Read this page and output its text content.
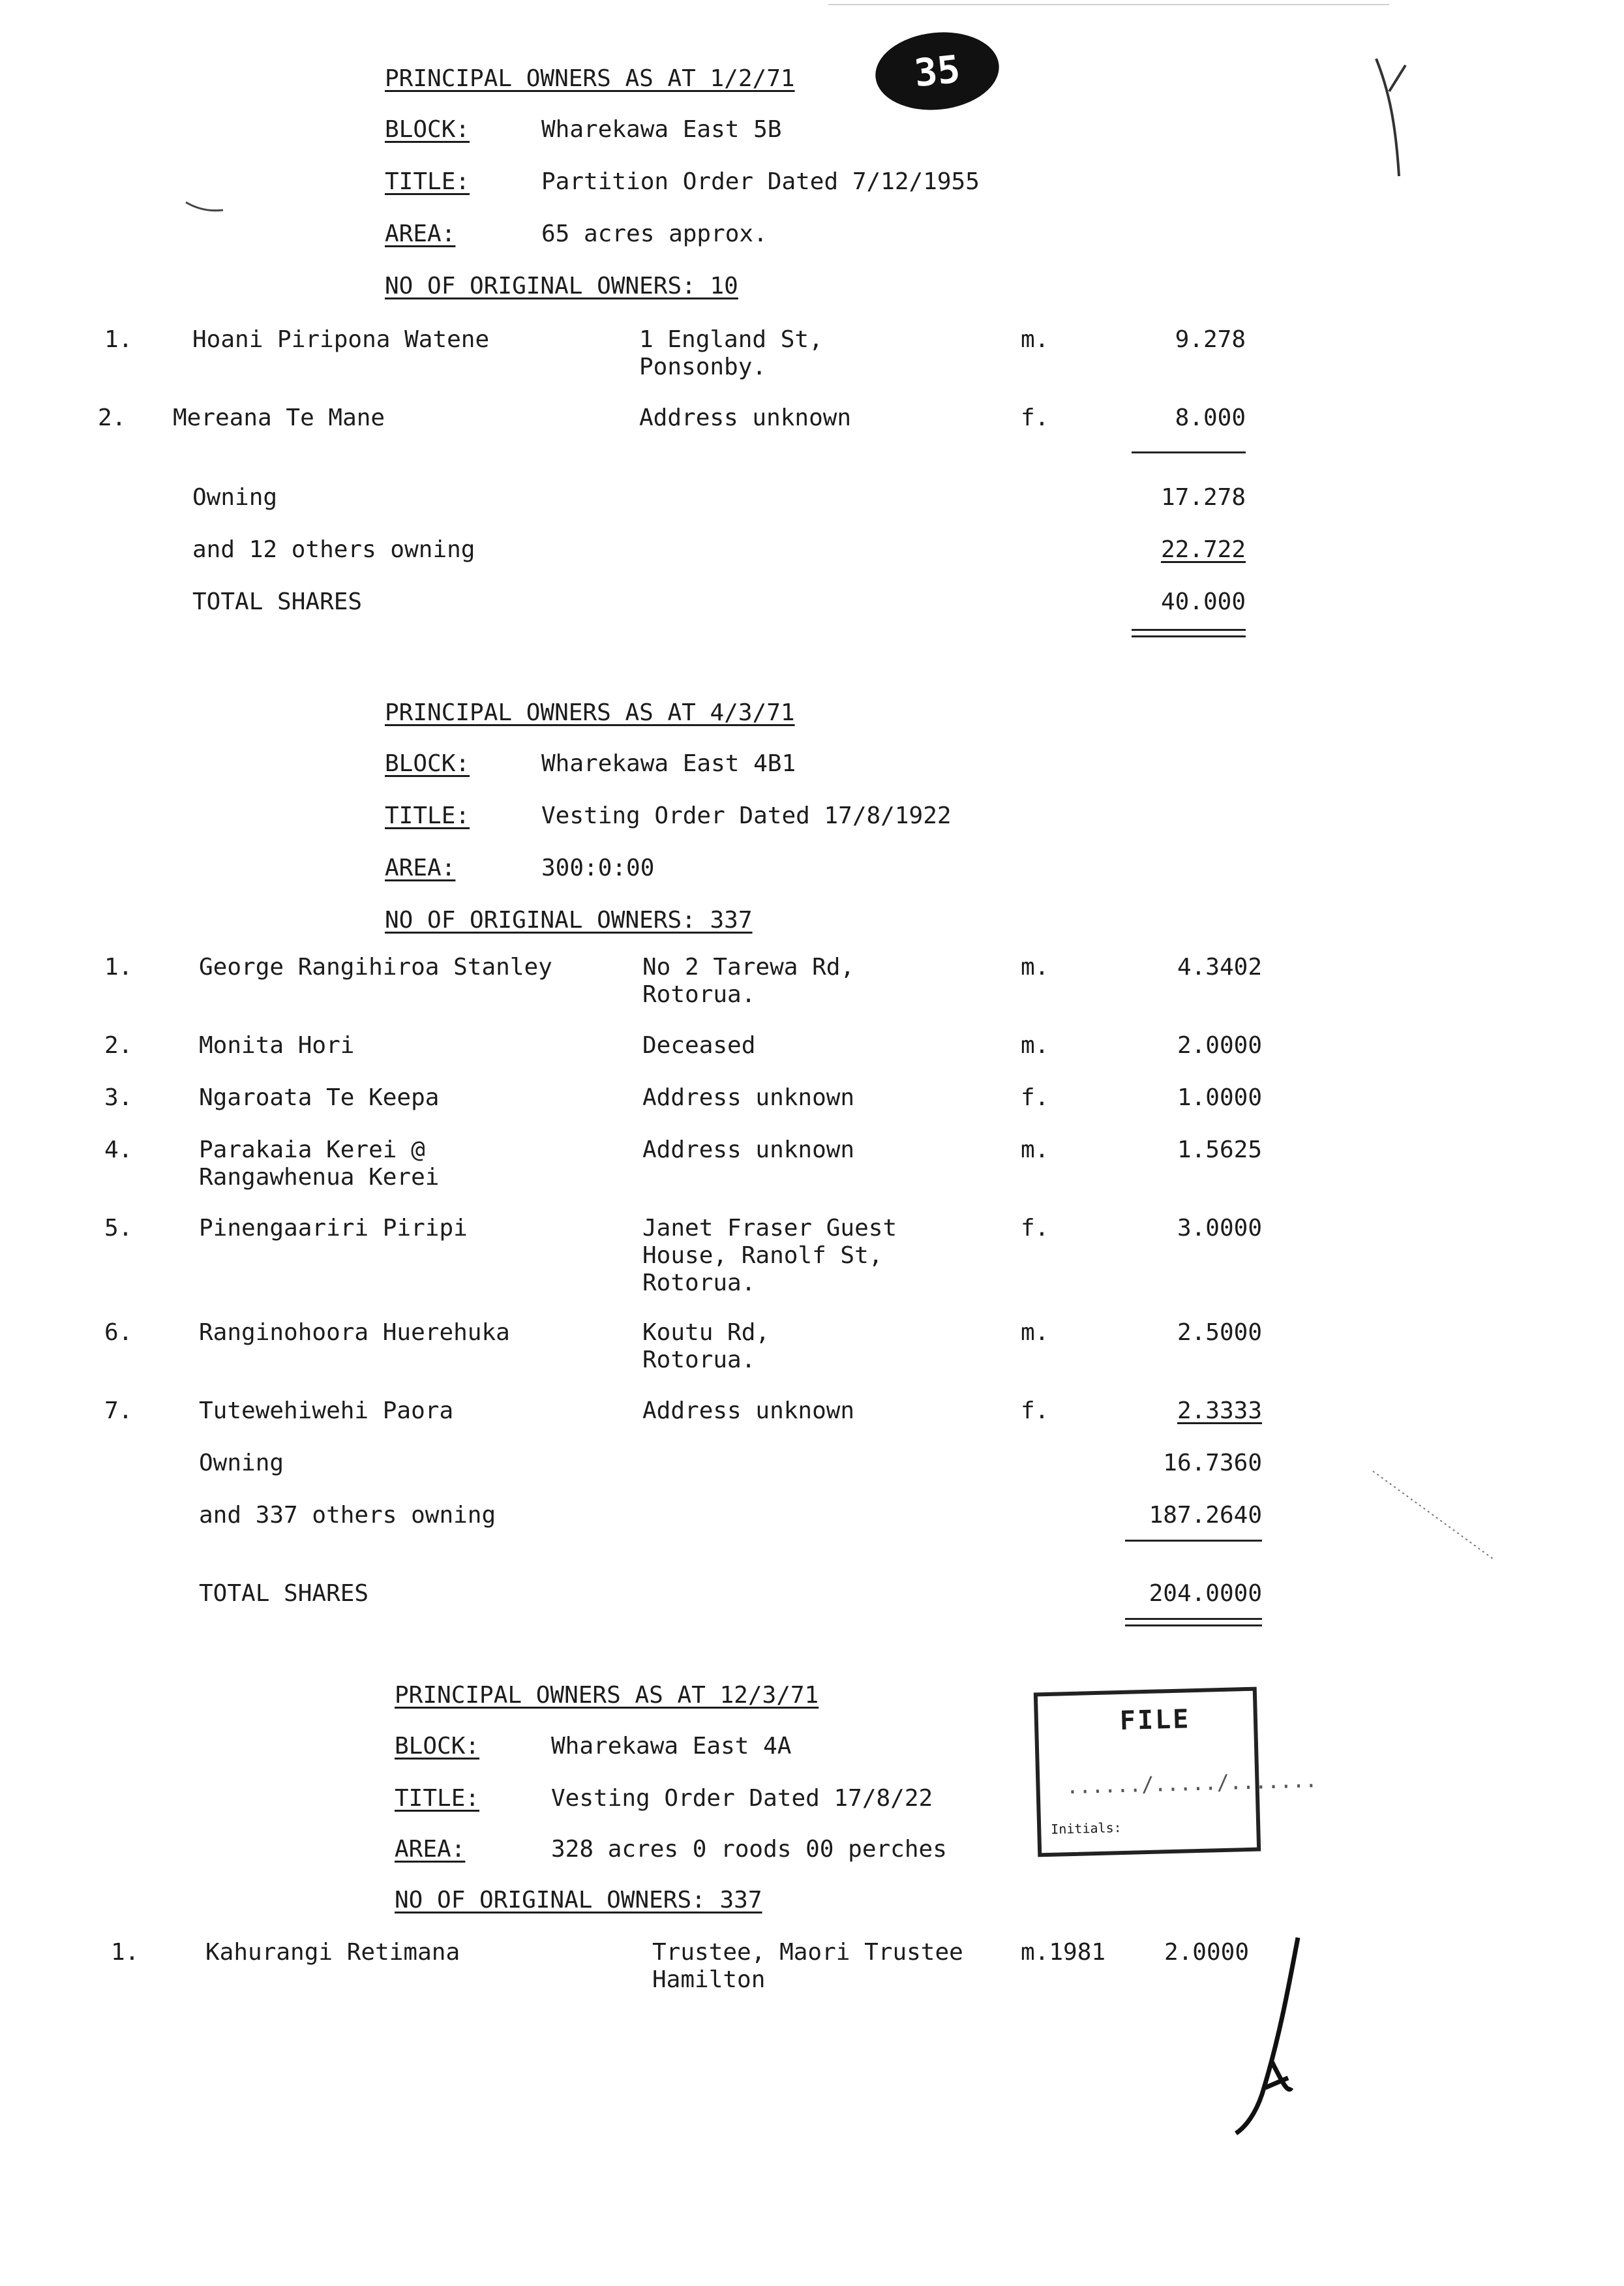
35
PRINCIPAL OWNERS AS AT 1/2/71
BLOCK:	Wharekawa East 5B
TITLE:	Partition Order Dated 7/12/1955
AREA:	65 acres approx.
NO OF ORIGINAL OWNERS: 10
1.	Hoani Piripona Watene	1 England St,
Ponsonby.
m.	9.278
2. Mereana Te Mane	Address unknown	f.	8.000
Owning	17.278
and 12 others owning	22.722
TOTAL SHARES	40.000
PRINCIPAL OWNERS AS AT 4/3/71
BLOCK:	Wharekawa East 4B1
TITLE:	Vesting Order Dated 17/8/1922
AREA:	300:0:00
NO OF ORIGINAL OWNERS: 337
1.	George Rangihiroa Stanley	No 2 Tarewa Rd,
Rotorua.
m.	4.3402
2.	Monita Hori	Deceased	m.	2.0000
3.	Ngaroata Te Keepa	Address unknown	f.	1.0000
4.	Parakaia Kerei @
Rangawhenua Kerei
Address unknown	m.	1.5625
5.	Pinengaariri Piripi	Janet Fraser Guest
House, Ranolf St,
Rotorua.
f.	3.0000
6.	Ranginohoora Huerehuka	Koutu Rd,
Rotorua.
m.	2.5000
7.	Tutewehiwehi Paora	Address unknown	f.	2.3333
Owning	16.7360
and 337 others owning	187.2640
TOTAL SHARES	204.0000
PRINCIPAL OWNERS AS AT 12/3/71
BLOCK:	Wharekawa East 4A
TITLE:	Vesting Order Dated 17/8/22
AREA:	328 acres 0 roods 00 perches
NO OF ORIGINAL OWNERS: 337
1.	Kahurangi Retimana	Trustee, Maori Trustee
Hamilton
m.1981	2.0000
FILE
....../...../.......
Initials:
